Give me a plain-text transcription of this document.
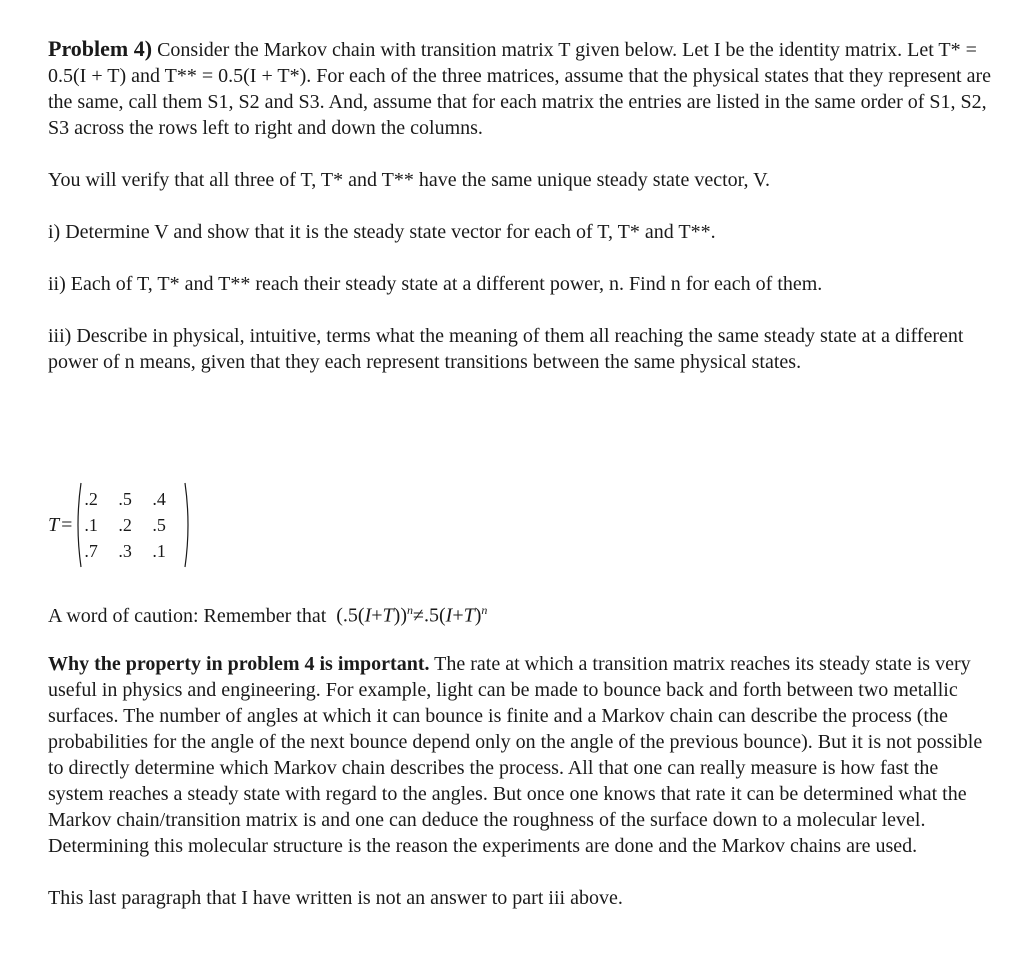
Problem 4) Consider the Markov chain with transition matrix T given below. Let I be the identity matrix. Let T* = 0.5(I + T) and T** = 0.5(I + T*). For each of the three matrices, assume that the physical states that they represent are the same, call them S1, S2 and S3. And, assume that for each matrix the entries are listed in the same order of S1, S2, S3 across the rows left to right and down the columns.

You will verify that all three of T, T* and T** have the same unique steady state vector, V.

i) Determine V and show that it is the steady state vector for each of T, T* and T**.

ii) Each of T, T* and T** reach their steady state at a different power, n. Find n for each of them.

iii) Describe in physical, intuitive, terms what the meaning of them all reaching the same steady state at a different power of n means, given that they each represent transitions between the same physical states.

T =
.2	.5	.4
.1	.2	.5
.7	.3	.1
A word of caution: Remember that $(.5(I+T))^n\ne.5(I+T)^n$

Why the property in problem 4 is important. The rate at which a transition matrix reaches its steady state is very useful in physics and engineering. For example, light can be made to bounce back and forth between two metallic surfaces. The number of angles at which it can bounce is finite and a Markov chain can describe the process (the probabilities for the angle of the next bounce depend only on the angle of the previous bounce). But it is not possible to directly determine which Markov chain describes the process. All that one can really measure is how fast the system reaches a steady state with regard to the angles. But once one knows that rate it can be determined what the Markov chain/transition matrix is and one can deduce the roughness of the surface down to a molecular level. Determining this molecular structure is the reason the experiments are done and the Markov chains are used.

This last paragraph that I have written is not an answer to part iii above.
